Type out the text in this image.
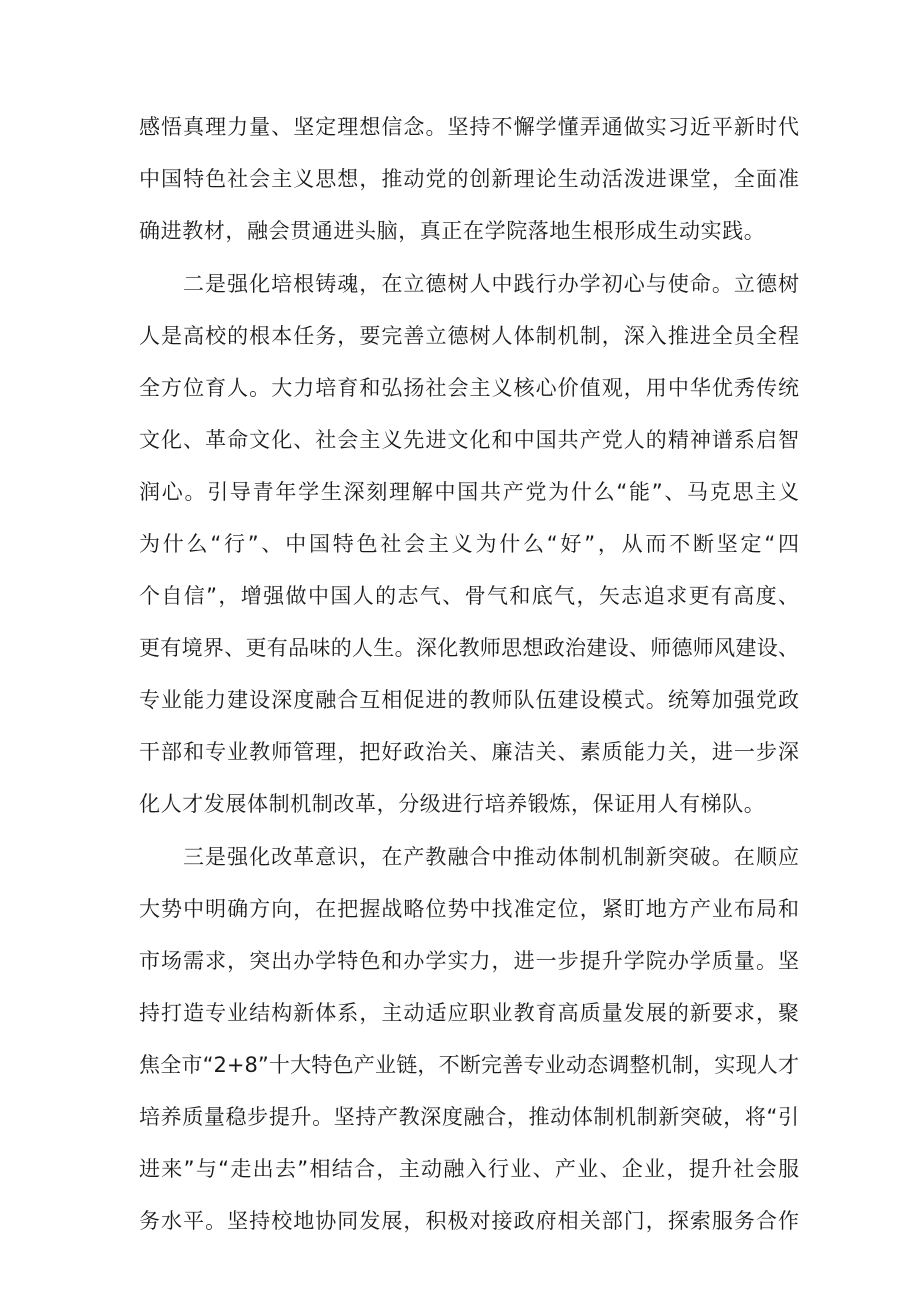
感悟真理力量、坚定理想信念。坚持不懈学懂弄通做实习近平新时代
中国特色社会主义思想，推动党的创新理论生动活泼进课堂，全面准
确进教材，融会贯通进头脑，真正在学院落地生根形成生动实践。
二是强化培根铸魂，在立德树人中践行办学初心与使命。立德树
人是高校的根本任务，要完善立德树人体制机制，深入推进全员全程
全方位育人。大力培育和弘扬社会主义核心价值观，用中华优秀传统
文化、革命文化、社会主义先进文化和中国共产党人的精神谱系启智
润心。引导青年学生深刻理解中国共产党为什么“能”、马克思主义
为什么“行”、中国特色社会主义为什么“好”，从而不断坚定“四
个自信”，增强做中国人的志气、骨气和底气，矢志追求更有高度、
更有境界、更有品味的人生。深化教师思想政治建设、师德师风建设、
专业能力建设深度融合互相促进的教师队伍建设模式。统筹加强党政
干部和专业教师管理，把好政治关、廉洁关、素质能力关，进一步深
化人才发展体制机制改革，分级进行培养锻炼，保证用人有梯队。
三是强化改革意识，在产教融合中推动体制机制新突破。在顺应
大势中明确方向，在把握战略位势中找准定位，紧盯地方产业布局和
市场需求，突出办学特色和办学实力，进一步提升学院办学质量。坚
持打造专业结构新体系，主动适应职业教育高质量发展的新要求，聚
焦全市“2+8”十大特色产业链，不断完善专业动态调整机制，实现人才
培养质量稳步提升。坚持产教深度融合，推动体制机制新突破，将“引
进来”与“走出去”相结合，主动融入行业、产业、企业，提升社会服
务水平。坚持校地协同发展，积极对接政府相关部门，探索服务合作
